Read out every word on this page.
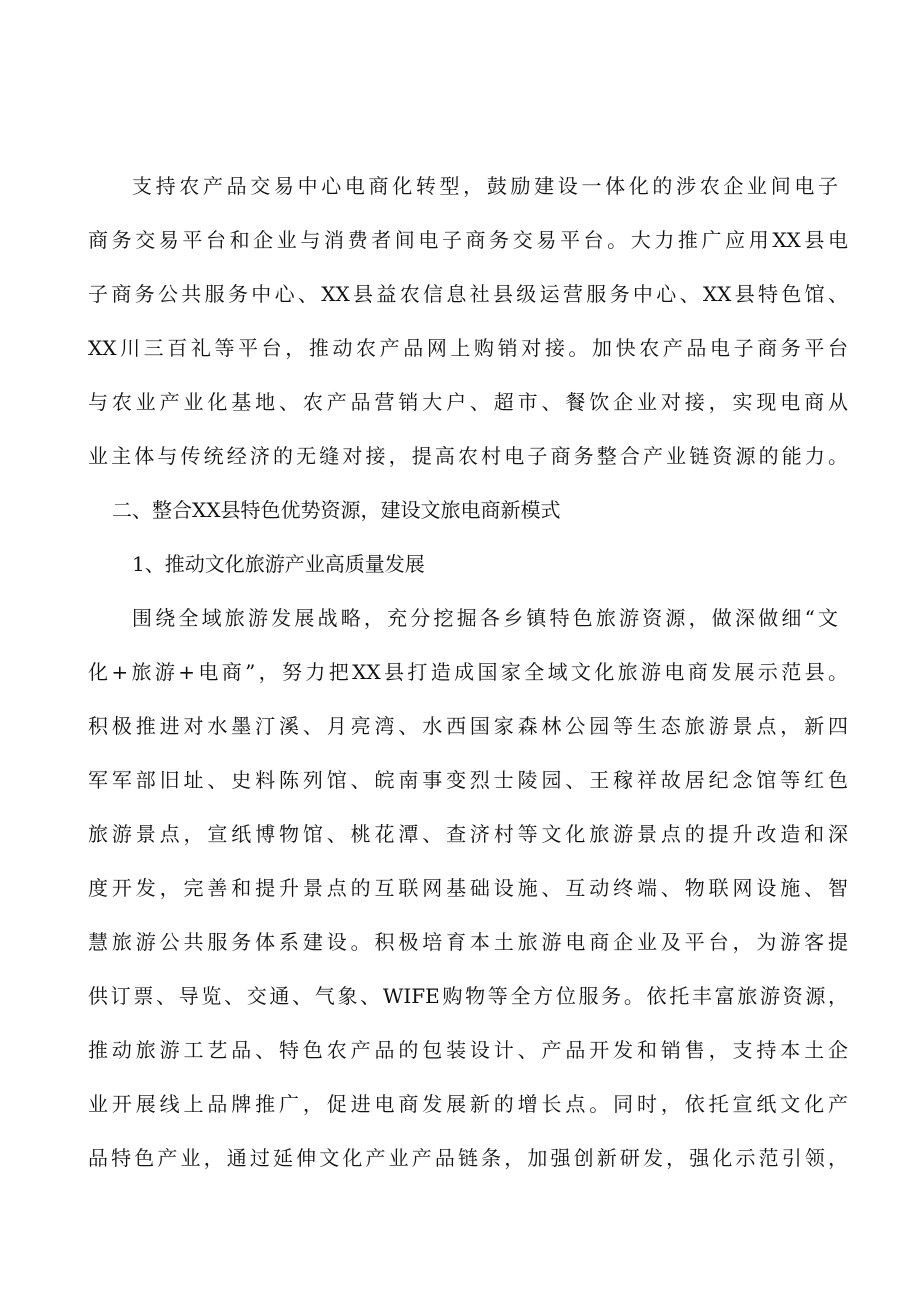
支持农产品交易中心电商化转型，鼓励建设一体化的涉农企业间电子
商务交易平台和企业与消费者间电子商务交易平台。大力推广应用XX县电
子商务公共服务中心、XX县益农信息社县级运营服务中心、XX县特色馆、
XX川三百礼等平台，推动农产品网上购销对接。加快农产品电子商务平台
与农业产业化基地、农产品营销大户、超市、餐饮企业对接，实现电商从
业主体与传统经济的无缝对接，提高农村电子商务整合产业链资源的能力。
二、整合XX县特色优势资源，建设文旅电商新模式
1、推动文化旅游产业高质量发展
围绕全域旅游发展战略，充分挖掘各乡镇特色旅游资源，做深做细“文
化+旅游+电商”，努力把XX县打造成国家全域文化旅游电商发展示范县。
积极推进对水墨汀溪、月亮湾、水西国家森林公园等生态旅游景点，新四
军军部旧址、史料陈列馆、皖南事变烈士陵园、王稼祥故居纪念馆等红色
旅游景点，宣纸博物馆、桃花潭、查济村等文化旅游景点的提升改造和深
度开发，完善和提升景点的互联网基础设施、互动终端、物联网设施、智
慧旅游公共服务体系建设。积极培育本土旅游电商企业及平台，为游客提
供订票、导览、交通、气象、WIFE购物等全方位服务。依托丰富旅游资源，
推动旅游工艺品、特色农产品的包装设计、产品开发和销售，支持本土企
业开展线上品牌推广，促进电商发展新的增长点。同时，依托宣纸文化产
品特色产业，通过延伸文化产业产品链条，加强创新研发，强化示范引领，
